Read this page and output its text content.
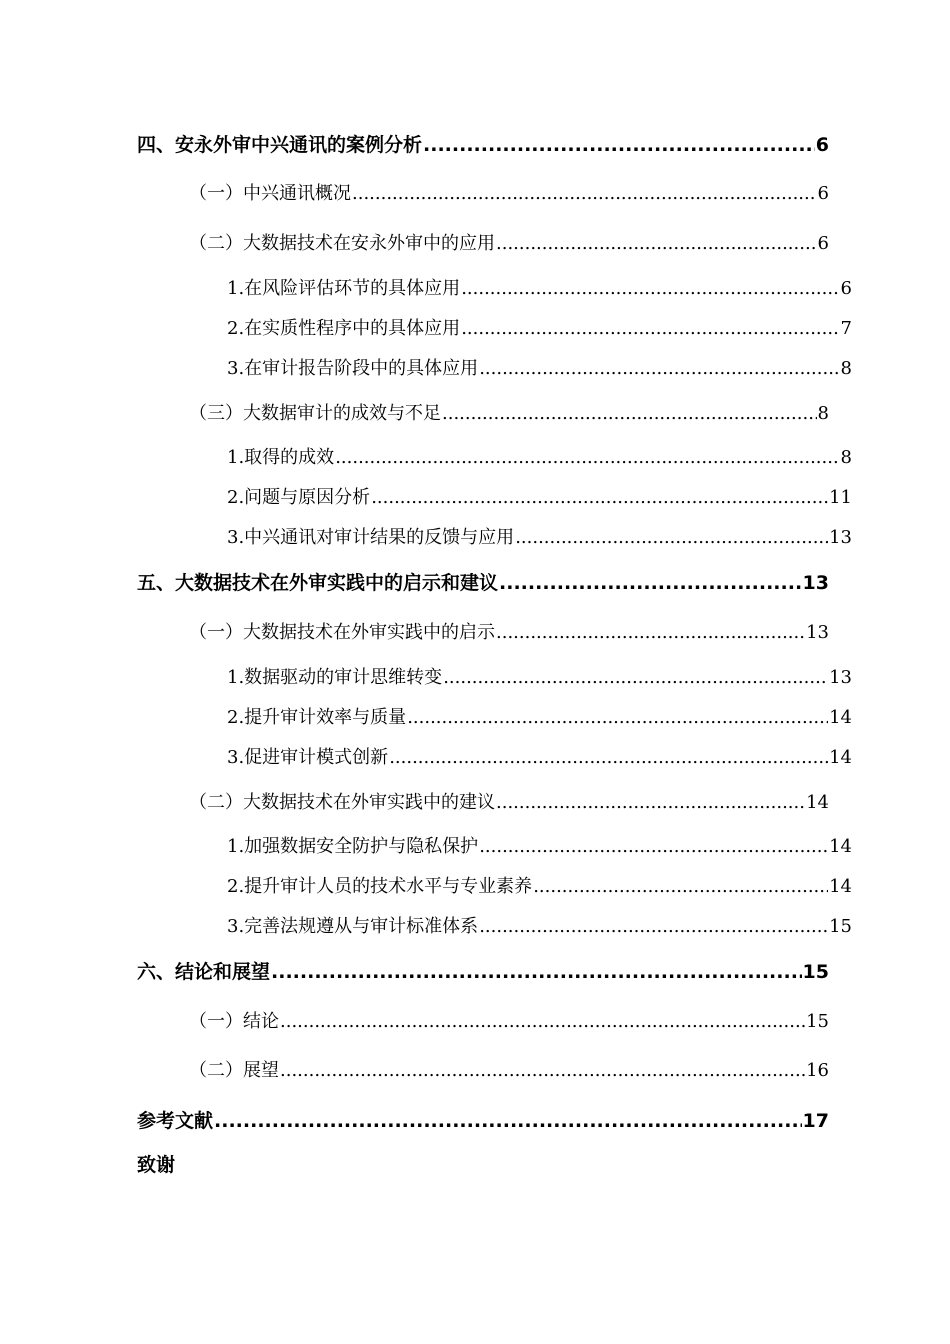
四、安永外审中兴通讯的案例分析 .....	6
（一）中兴通讯概况 .....	6
（二）大数据技术在安永外审中的应用 .....	6
1.在风险评估环节的具体应用 .....	6
2.在实质性程序中的具体应用 .....	7
3.在审计报告阶段中的具体应用 .....	8
（三）大数据审计的成效与不足 .....	8
1.取得的成效 .....	8
2.问题与原因分析 .....	11
3.中兴通讯对审计结果的反馈与应用 .....	13
五、大数据技术在外审实践中的启示和建议 .....	13
（一）大数据技术在外审实践中的启示 .....	13
1.数据驱动的审计思维转变 .....	13
2.提升审计效率与质量 .....	14
3.促进审计模式创新 .....	14
（二）大数据技术在外审实践中的建议 .....	14
1.加强数据安全防护与隐私保护 .....	14
2.提升审计人员的技术水平与专业素养 .....	14
3.完善法规遵从与审计标准体系 .....	15
六、结论和展望 .....	15
（一）结论 .....	15
（二）展望 .....	16
参考文献 .....	17
致谢
